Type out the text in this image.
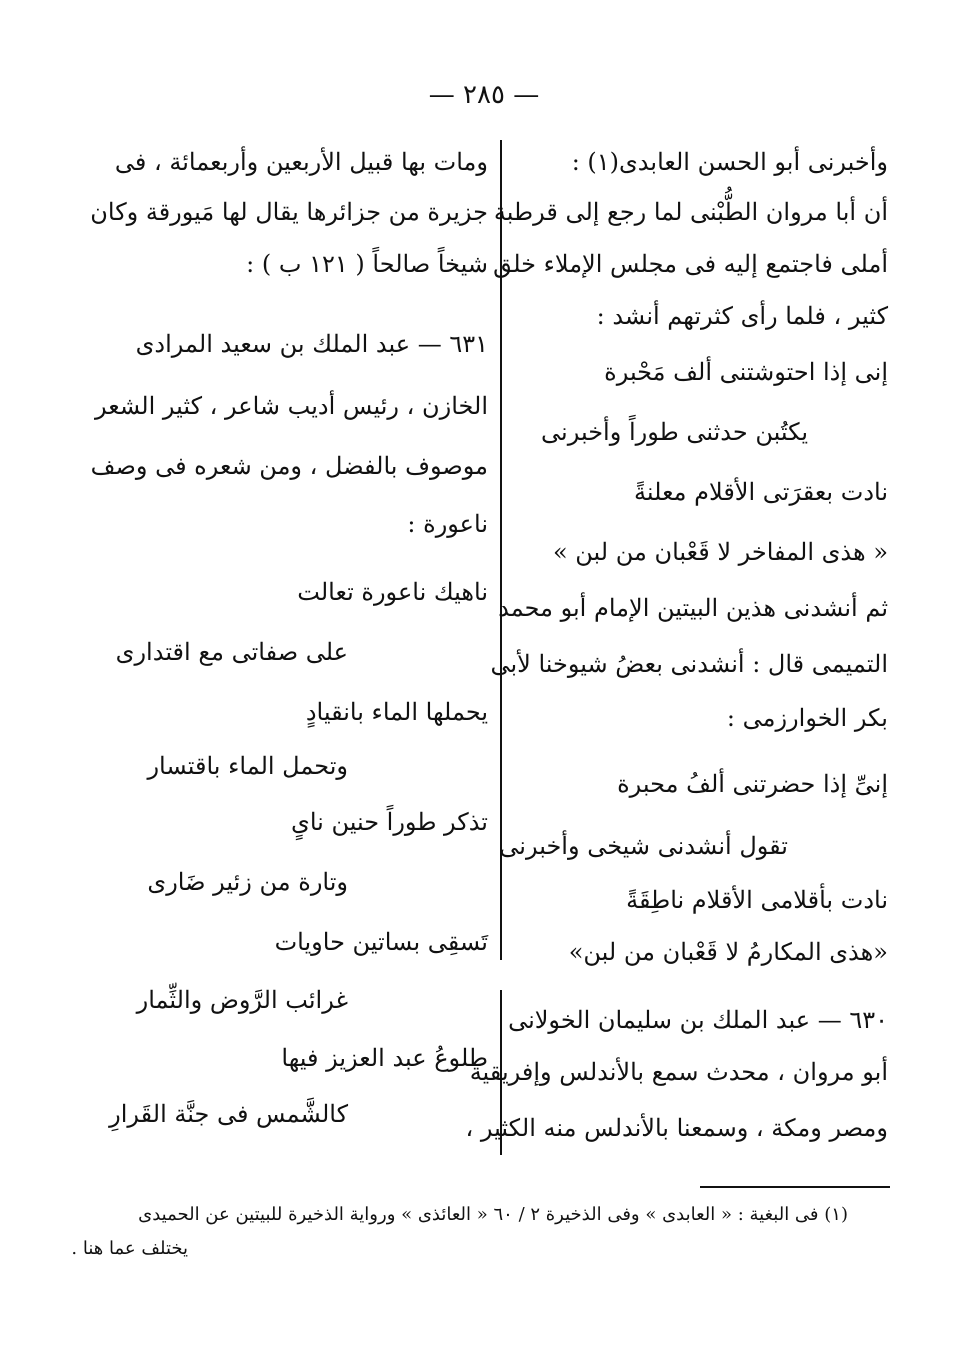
— ٢٨٥ —
وأخبرنى أبو الحسن العابدى(١) :
أن أبا مروان الطُّبْنى لما رجع إلى قرطبة
أملى فاجتمع إليه فى مجلس الإملاء خلق
كثير ، فلما رأى كثرتهم أنشد :
إنى إذا احتوشتنى ألف مَحْبرة
يكتُبن حدثنى طوراً وأخبرنى
نادت بعقرَتى الأقلام معلنةً
« هذى المفاخر لا قَعْبان من لبن »
ثم أنشدنى هذين البيتين الإمام أبو محمد
التميمى قال : أنشدنى بعضُ شيوخنا لأبى
بكر الخوارزمى :
إنىِّ إذا حضرتنى ألفُ محبرة
تقول أنشدنى شيخى وأخبرنى
نادت بأقلامى الأقلام ناطِقَةً
«هذى المكارمُ لا قَعْبان من لبن»
٦٣٠ — عبد الملك بن سليمان الخولانى
أبو مروان ، محدث سمع بالأندلس وإفريقية
ومصر ومكة ، وسمعنا بالأندلس منه الكثير ،
ومات بها قبيل الأربعين وأربعمائة ، فى
جزيرة من جزائرها يقال لها مَيورقة وكان
شيخاً صالحاً ( ١٢١ ب ) :
٦٣١ — عبد الملك بن سعيد المرادى
الخازن ، رئيس أديب شاعر ، كثير الشعر
موصوف بالفضل ، ومن شعره فى وصف
ناعورة :
ناهيك ناعورة تعالت
على صفاتى مع اقتدارى
يحملها الماء بانقيادٍ
وتحمل الماء باقتسار
تذكر طوراً حنين ناىٍ
وتارة من زئير ضَارى
تَسقِى بساتين حاويات
غرائب الرَّوض والثِّمار
طلوعُ عبد العزيز فيها
كالشَّمس فى جنَّة القَرارِ
(١) فى البغية : « العابدى » وفى الذخيرة ٢ / ٦٠ « العائذى » ورواية الذخيرة للبيتين عن الحميدى
يختلف عما هنا .
